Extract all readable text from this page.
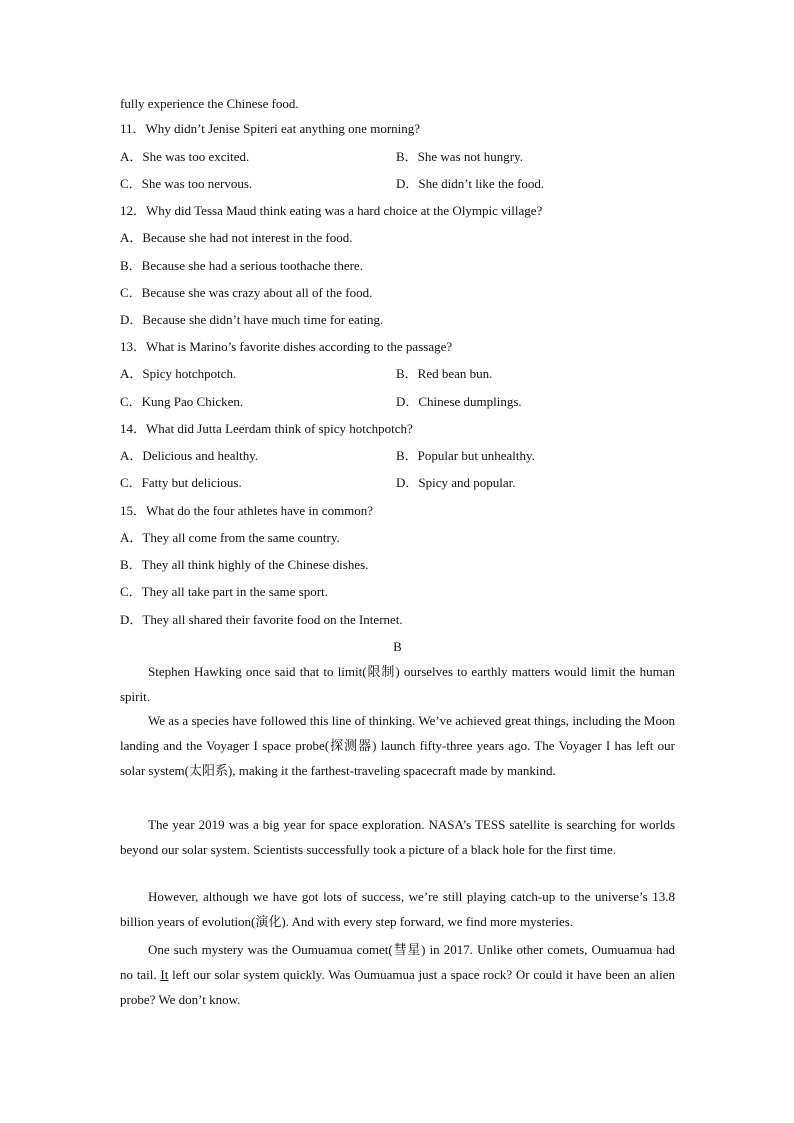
fully experience the Chinese food.
11．Why didn’t Jenise Spiteri eat anything one morning?
A．She was too excited.	B．She was not hungry.
C．She was too nervous.	D．She didn’t like the food.
12．Why did Tessa Maud think eating was a hard choice at the Olympic village?
A．Because she had not interest in the food.
B．Because she had a serious toothache there.
C．Because she was crazy about all of the food.
D．Because she didn’t have much time for eating.
13．What is Marino’s favorite dishes according to the passage?
A．Spicy hotchpotch.	B．Red bean bun.
C．Kung Pao Chicken.	D．Chinese dumplings.
14．What did Jutta Leerdam think of spicy hotchpotch?
A．Delicious and healthy.	B．Popular but unhealthy.
C．Fatty but delicious.	D．Spicy and popular.
15．What do the four athletes have in common?
A．They all come from the same country.
B．They all think highly of the Chinese dishes.
C．They all take part in the same sport.
D．They all shared their favorite food on the Internet.
B
Stephen Hawking once said that to limit(限制) ourselves to earthly matters would limit the human spirit.
We as a species have followed this line of thinking. We’ve achieved great things, including the Moon landing and the Voyager I space probe(探测器) launch fifty-three years ago. The Voyager I has left our solar system(太阳系), making it the farthest-traveling spacecraft made by mankind.
The year 2019 was a big year for space exploration. NASA’s TESS satellite is searching for worlds beyond our solar system. Scientists successfully took a picture of a black hole for the first time.
However, although we have got lots of success, we’re still playing catch-up to the universe’s 13.8 billion years of evolution(演化). And with every step forward, we find more mysteries.
One such mystery was the Oumuamua comet(彗星) in 2017. Unlike other comets, Oumuamua had no tail. It left our solar system quickly. Was Oumuamua just a space rock? Or could it have been an alien probe? We don’t know.
